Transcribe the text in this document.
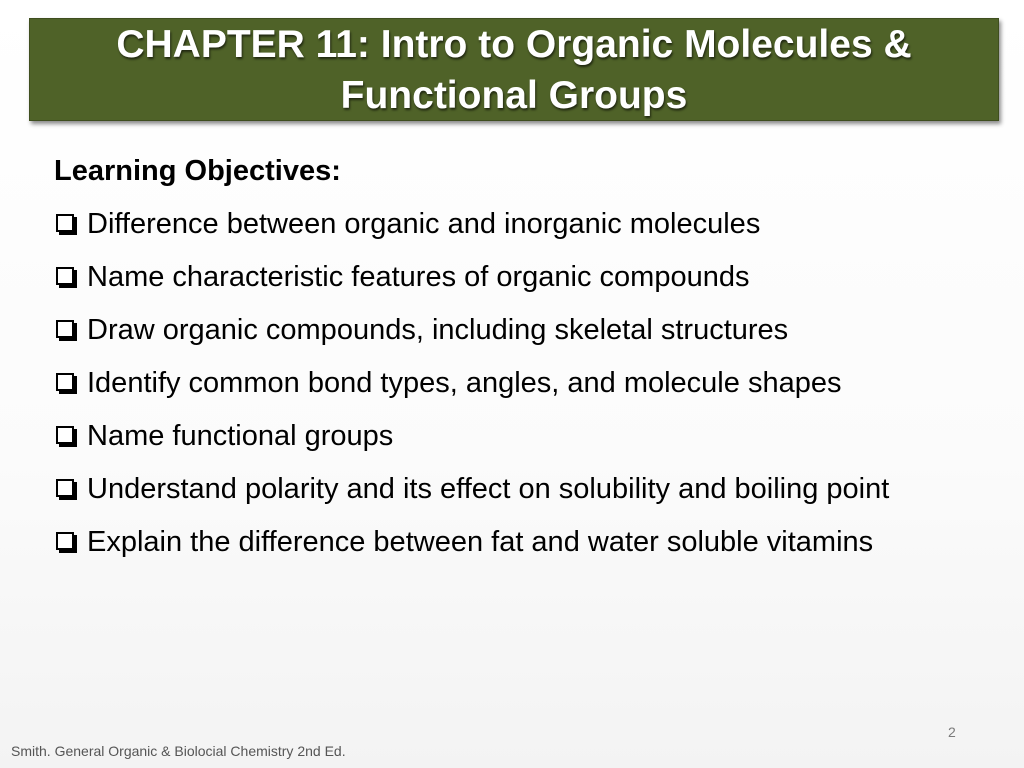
CHAPTER 11: Intro to Organic Molecules & Functional Groups
Learning Objectives:
Difference between organic and inorganic molecules
Name characteristic features of organic compounds
Draw organic compounds, including skeletal structures
Identify common bond types, angles, and molecule shapes
Name functional groups
Understand polarity and its effect on solubility and boiling point
Explain the difference between fat and water soluble vitamins
2
Smith. General Organic & Biolocial Chemistry 2nd Ed.
